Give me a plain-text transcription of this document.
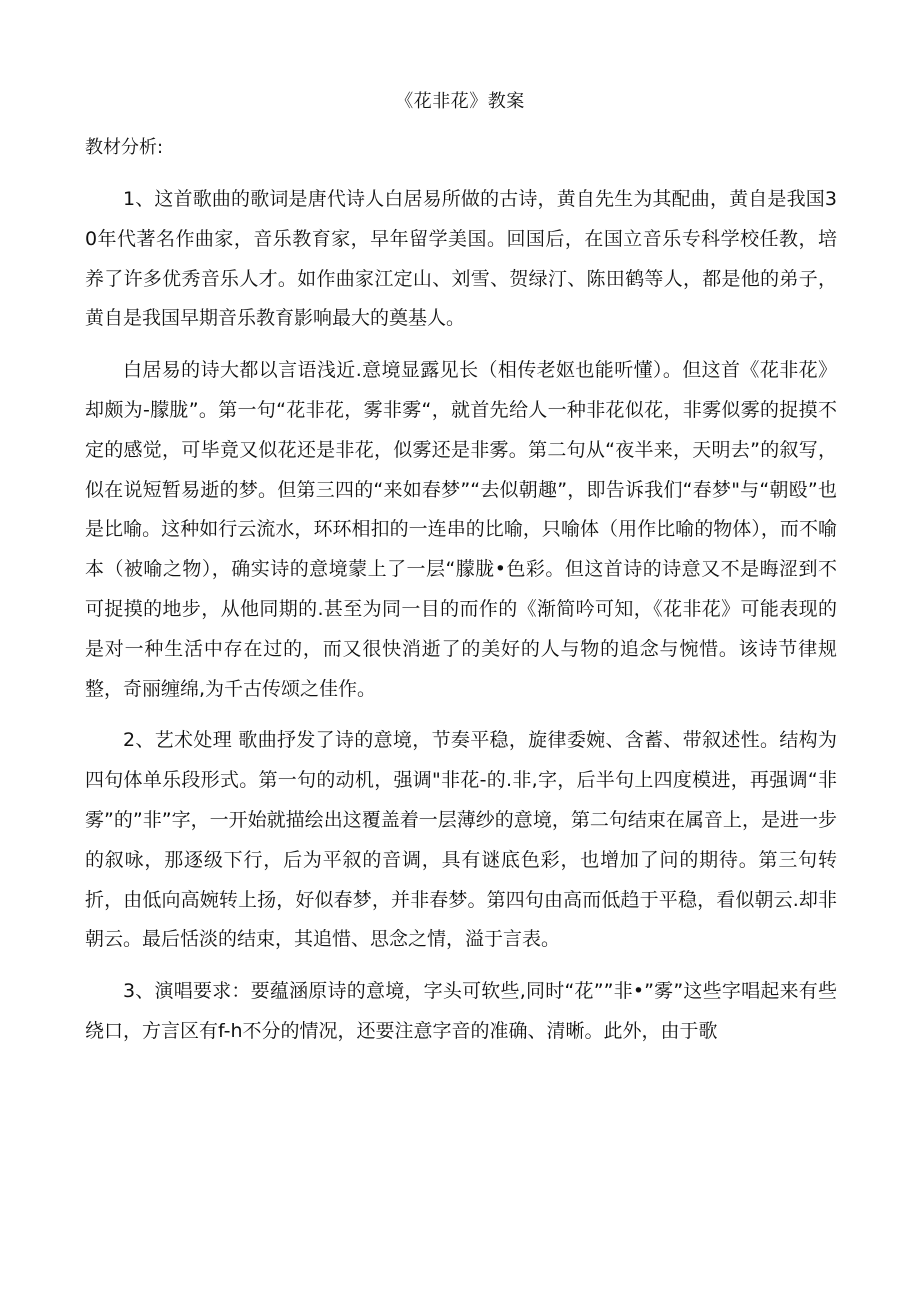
《花非花》教案
教材分析:

1、这首歌曲的歌词是唐代诗人白居易所做的古诗，黄自先生为其配曲，黄自是我国30年代著名作曲家，音乐教育家，早年留学美国。回国后，在国立音乐专科学校任教，培养了许多优秀音乐人才。如作曲家江定山、刘雪、贺绿汀、陈田鹤等人，都是他的弟子，黄自是我国早期音乐教育影响最大的奠基人。

白居易的诗大都以言语浅近.意境显露见长（相传老妪也能听懂）。但这首《花非花》却颇为-朦胧”。第一句“花非花，雾非雾“，就首先给人一种非花似花，非雾似雾的捉摸不定的感觉，可毕竟又似花还是非花，似雾还是非雾。第二句从“夜半来，天明去”的叙写，似在说短暂易逝的梦。但第三四的“来如春梦”“去似朝趣”，即告诉我们“春梦"与“朝殴”也是比喻。这种如行云流水，环环相扣的一连串的比喻，只喻体（用作比喻的物体），而不喻本（被喻之物），确实诗的意境蒙上了一层“朦胧•色彩。但这首诗的诗意又不是晦涩到不可捉摸的地步，从他同期的.甚至为同一目的而作的《渐简吟可知，《花非花》可能表现的是对一种生活中存在过的，而又很快消逝了的美好的人与物的追念与惋惜。该诗节律规整，奇丽缠绵,为千古传颂之佳作。

2、艺术处理 歌曲抒发了诗的意境，节奏平稳，旋律委婉、含蓄、带叙述性。结构为四句体单乐段形式。第一句的动机，强调"非花-的.非,字，后半句上四度模进，再强调“非雾”的”非”字，一开始就描绘出这覆盖着一层薄纱的意境，第二句结束在属音上，是进一步的叙咏，那逐级下行，后为平叙的音调，具有谜底色彩，也增加了问的期待。第三句转折，由低向高婉转上扬，好似春梦，并非春梦。第四句由高而低趋于平稳，看似朝云.却非朝云。最后恬淡的结束，其追惜、思念之情，溢于言表。

3、演唱要求：要蕴涵原诗的意境，字头可软些,同时“花””非•”雾”这些字唱起来有些绕口，方言区有f-h不分的情况，还要注意字音的准确、清晰。此外，由于歌
